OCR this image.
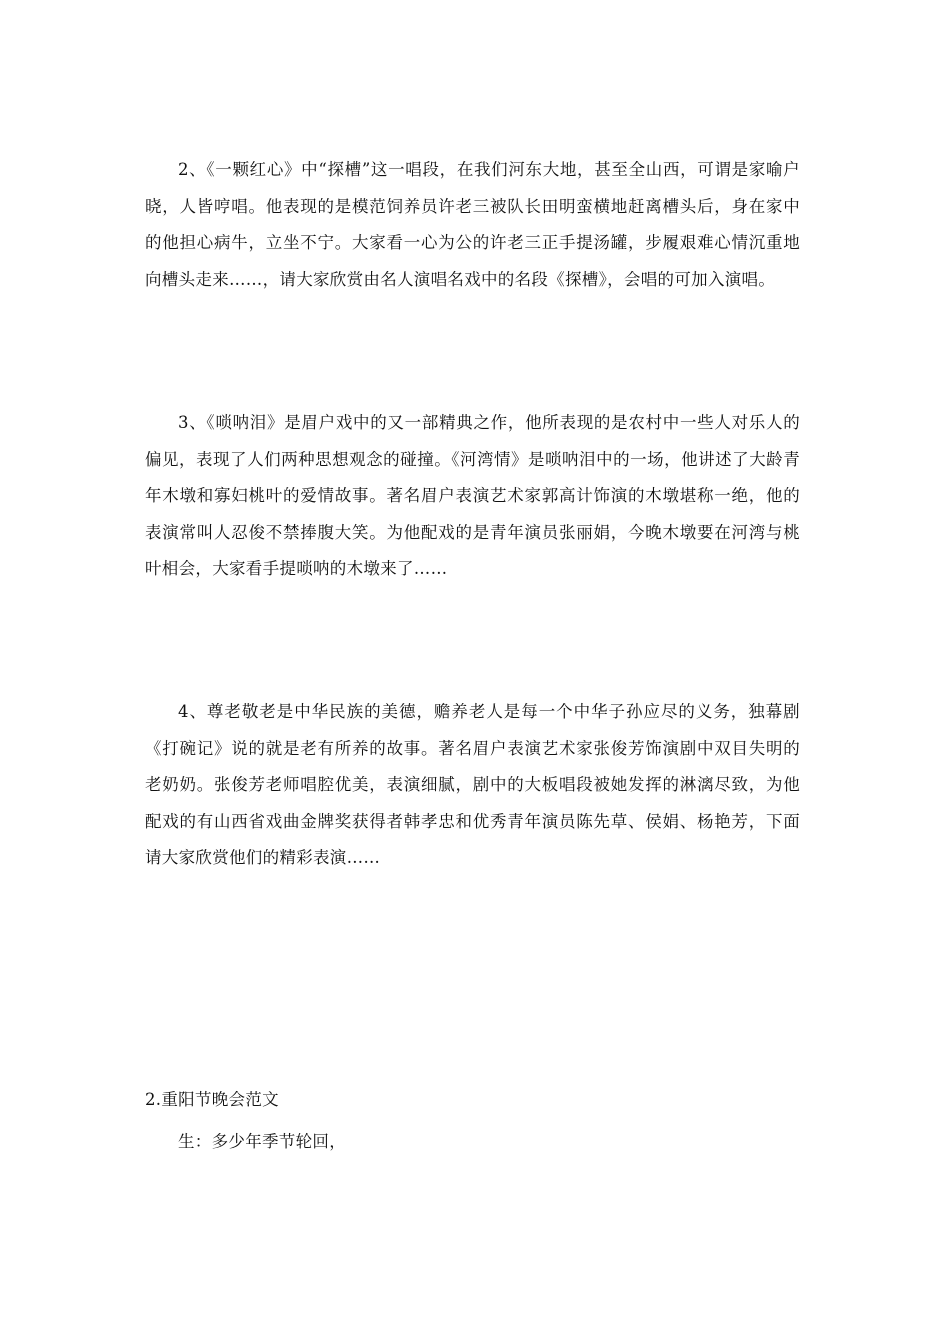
2、《一颗红心》中“探槽”这一唱段，在我们河东大地，甚至全山西，可谓是家喻户晓，人皆哼唱。他表现的是模范饲养员许老三被队长田明蛮横地赶离槽头后，身在家中的他担心病牛，立坐不宁。大家看一心为公的许老三正手提汤罐，步履艰难心情沉重地向槽头走来……，请大家欣赏由名人演唱名戏中的名段《探槽》，会唱的可加入演唱。

3、《唢呐泪》是眉户戏中的又一部精典之作，他所表现的是农村中一些人对乐人的偏见，表现了人们两种思想观念的碰撞。《河湾情》是唢呐泪中的一场，他讲述了大龄青年木墩和寡妇桃叶的爱情故事。著名眉户表演艺术家郭高计饰演的木墩堪称一绝，他的表演常叫人忍俊不禁捧腹大笑。为他配戏的是青年演员张丽娟，今晚木墩要在河湾与桃叶相会，大家看手提唢呐的木墩来了……

4、尊老敬老是中华民族的美德，赡养老人是每一个中华子孙应尽的义务，独幕剧《打碗记》说的就是老有所养的故事。著名眉户表演艺术家张俊芳饰演剧中双目失明的老奶奶。张俊芳老师唱腔优美，表演细腻，剧中的大板唱段被她发挥的淋漓尽致，为他配戏的有山西省戏曲金牌奖获得者韩孝忠和优秀青年演员陈先草、侯娟、杨艳芳，下面请大家欣赏他们的精彩表演……

2.重阳节晚会范文

生：多少年季节轮回，
